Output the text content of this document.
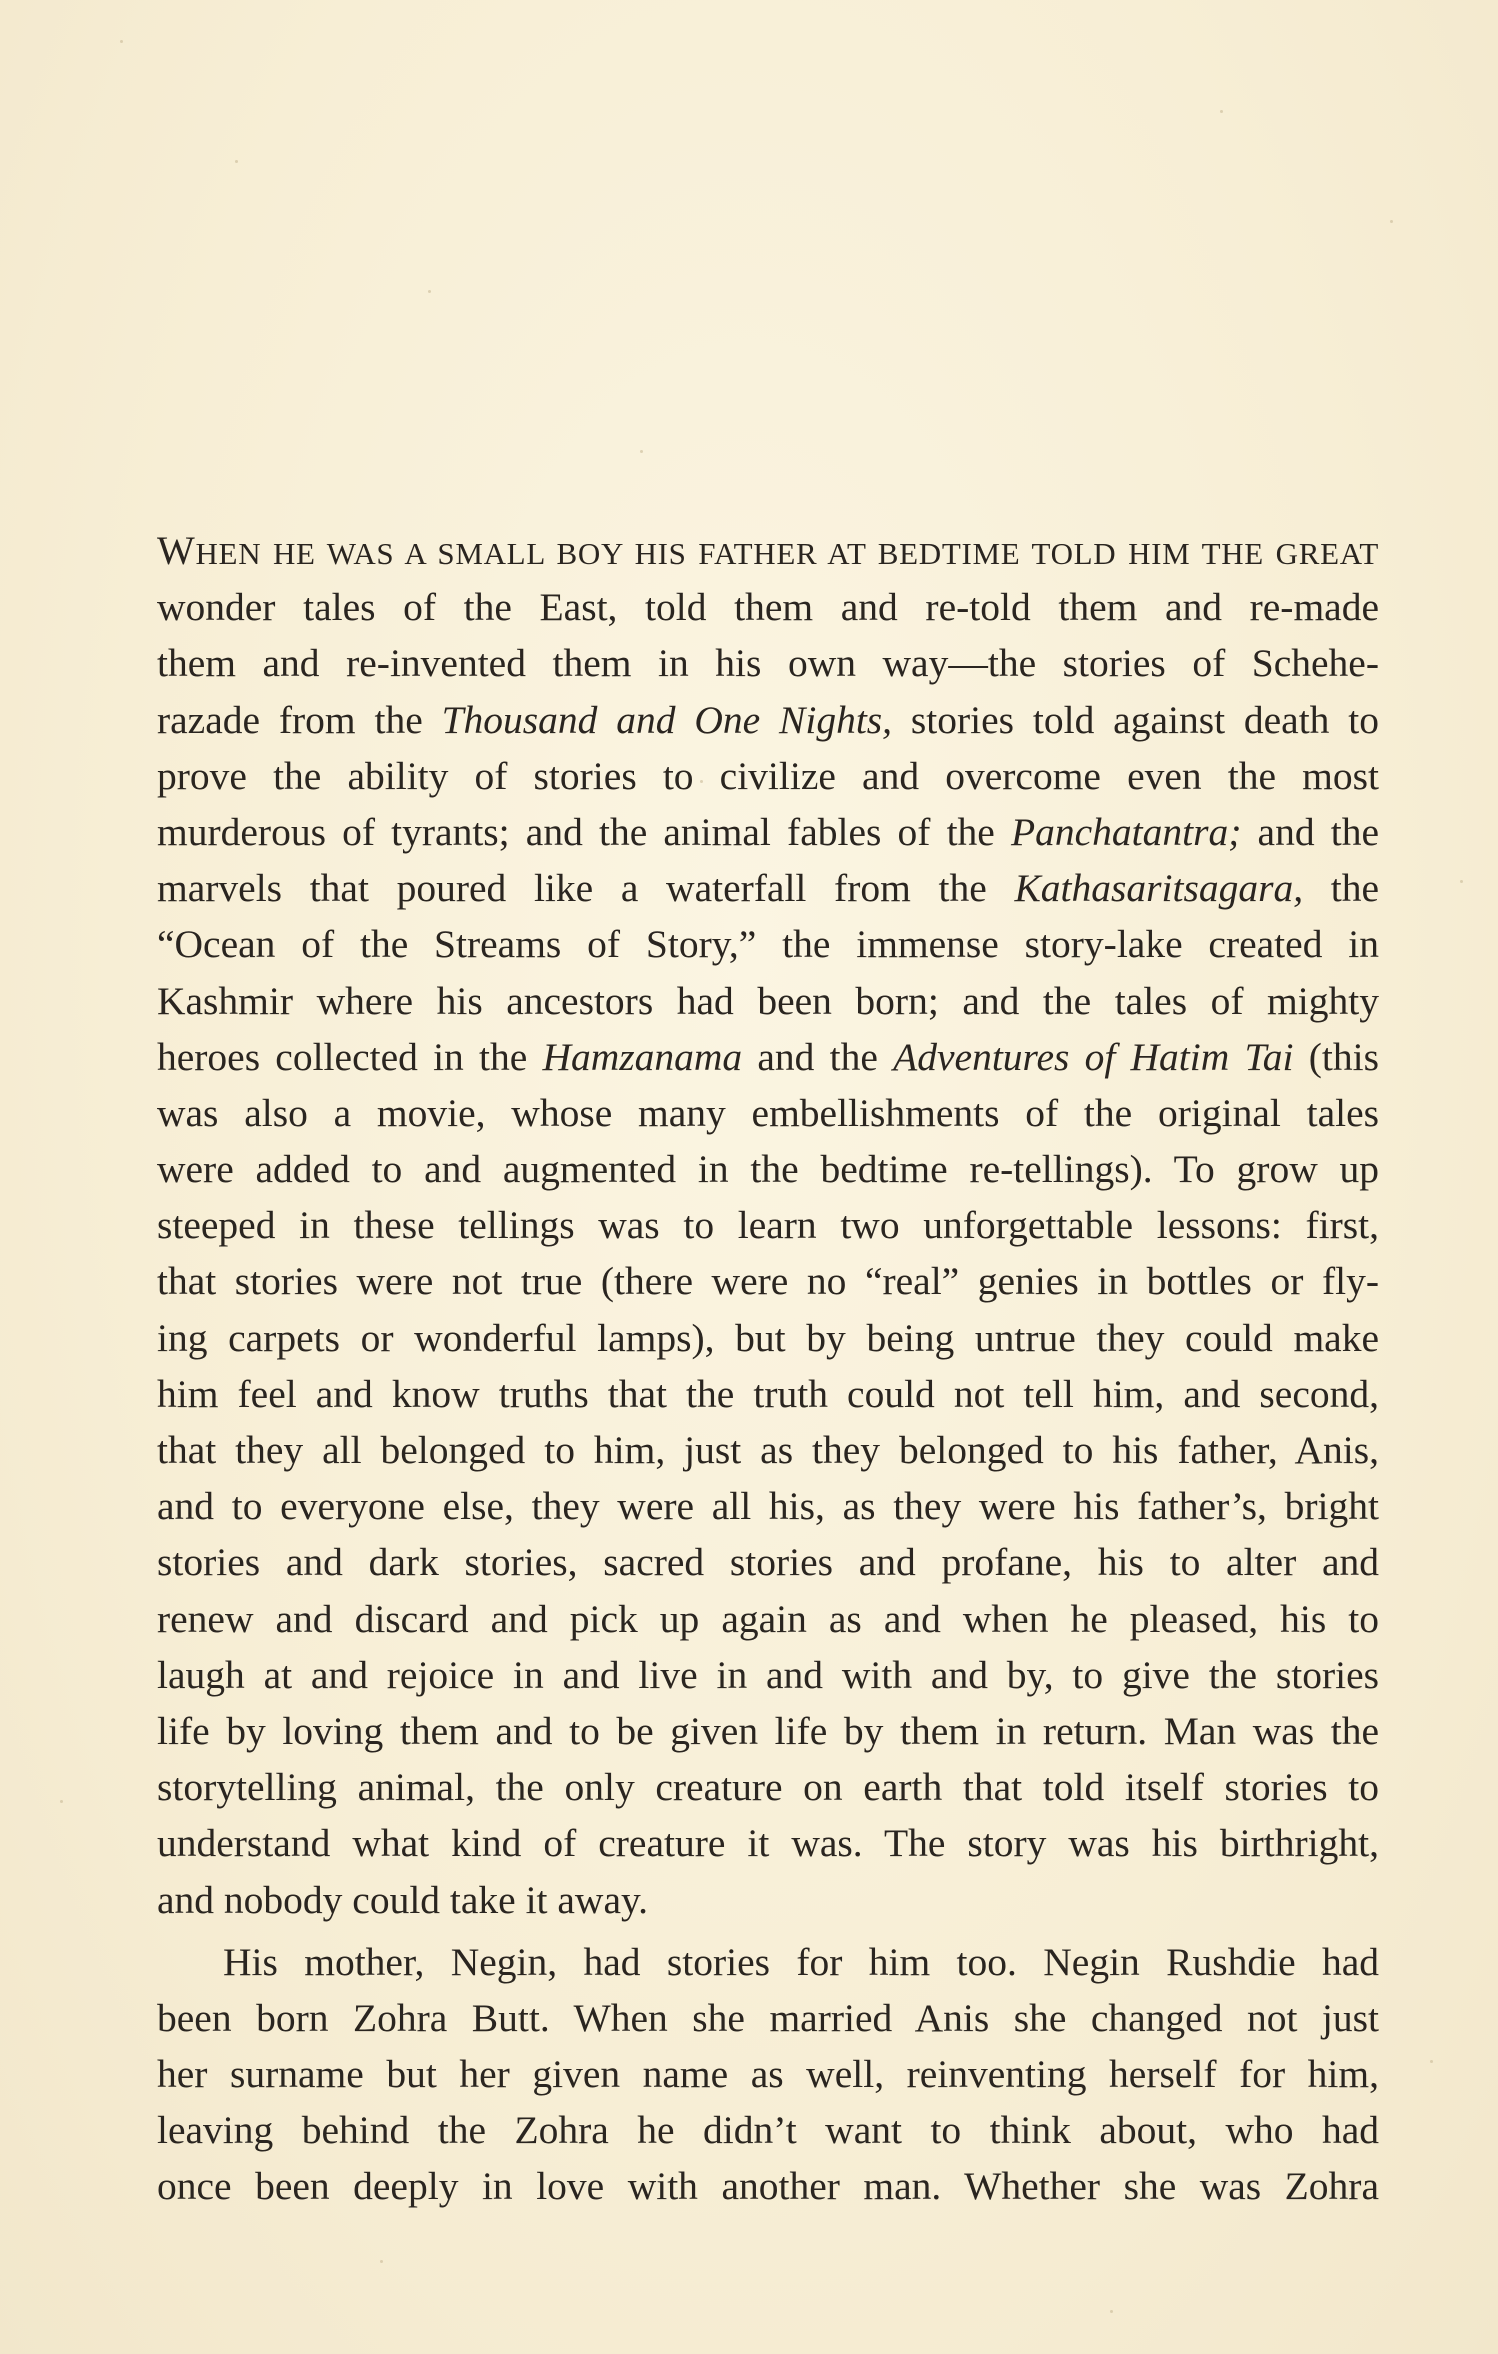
WHEN HE WAS A SMALL BOY HIS FATHER AT BEDTIME TOLD HIM THE GREAT
wonder tales of the East, told them and re-told them and re-made
them and re-invented them in his own way—the stories of Schehe-
razade from the Thousand and One Nights, stories told against death to
prove the ability of stories to civilize and overcome even the most
murderous of tyrants; and the animal fables of the Panchatantra; and the
marvels that poured like a waterfall from the Kathasaritsagara, the
“Ocean of the Streams of Story,” the immense story-lake created in
Kashmir where his ancestors had been born; and the tales of mighty
heroes collected in the Hamzanama and the Adventures of Hatim Tai (this
was also a movie, whose many embellishments of the original tales
were added to and augmented in the bedtime re-tellings). To grow up
steeped in these tellings was to learn two unforgettable lessons: first,
that stories were not true (there were no “real” genies in bottles or fly-
ing carpets or wonderful lamps), but by being untrue they could make
him feel and know truths that the truth could not tell him, and second,
that they all belonged to him, just as they belonged to his father, Anis,
and to everyone else, they were all his, as they were his father’s, bright
stories and dark stories, sacred stories and profane, his to alter and
renew and discard and pick up again as and when he pleased, his to
laugh at and rejoice in and live in and with and by, to give the stories
life by loving them and to be given life by them in return. Man was the
storytelling animal, the only creature on earth that told itself stories to
understand what kind of creature it was. The story was his birthright,
and nobody could take it away.
His mother, Negin, had stories for him too. Negin Rushdie had
been born Zohra Butt. When she married Anis she changed not just
her surname but her given name as well, reinventing herself for him,
leaving behind the Zohra he didn’t want to think about, who had
once been deeply in love with another man. Whether she was Zohra
